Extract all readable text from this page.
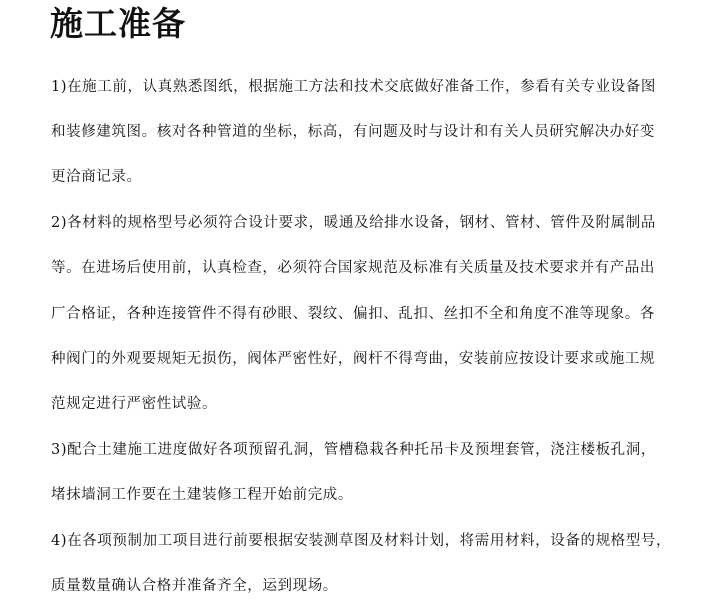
施工准备
1)在施工前，认真熟悉图纸，根据施工方法和技术交底做好准备工作，参看有关专业设备图
和装修建筑图。核对各种管道的坐标，标高，有问题及时与设计和有关人员研究解决办好变
更洽商记录。
2)各材料的规格型号必须符合设计要求，暖通及给排水设备，钢材、管材、管件及附属制品
等。在进场后使用前，认真检查，必须符合国家规范及标准有关质量及技术要求并有产品出
厂合格证，各种连接管件不得有砂眼、裂纹、偏扣、乱扣、丝扣不全和角度不准等现象。各
种阀门的外观要规矩无损伤，阀体严密性好，阀杆不得弯曲，安装前应按设计要求或施工规
范规定进行严密性试验。
3)配合土建施工进度做好各项预留孔洞，管槽稳栽各种托吊卡及预埋套管，浇注楼板孔洞，
堵抹墙洞工作要在土建装修工程开始前完成。
4)在各项预制加工项目进行前要根据安装测草图及材料计划，将需用材料，设备的规格型号，
质量数量确认合格并准备齐全，运到现场。
